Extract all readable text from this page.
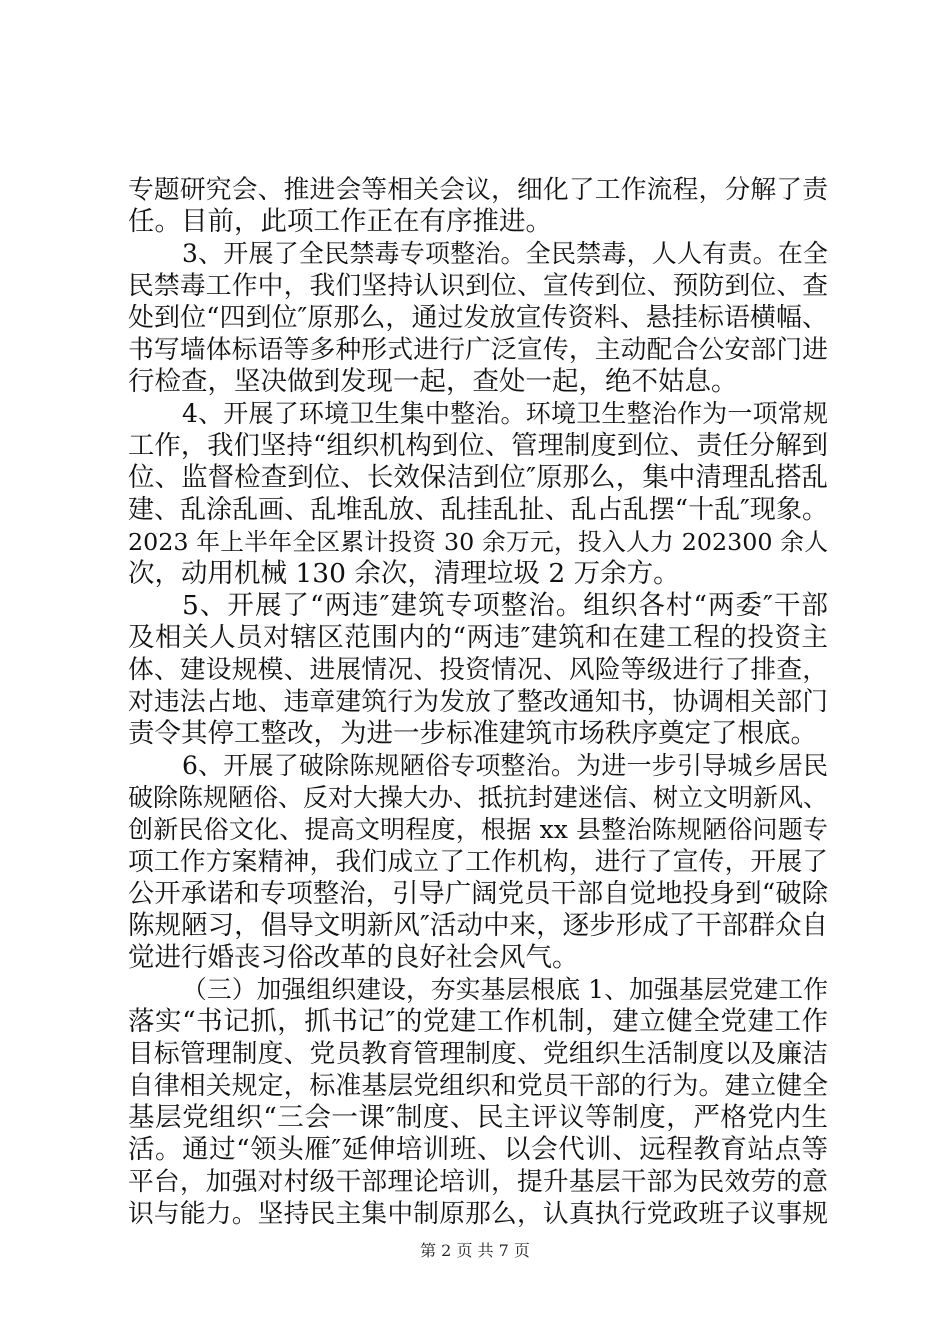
专题研究会、推进会等相关会议，细化了工作流程，分解了责
任。目前，此项工作正在有序推进。
3、开展了全民禁毒专项整治。全民禁毒，人人有责。在全
民禁毒工作中，我们坚持认识到位、宣传到位、预防到位、查
处到位“四到位″原那么，通过发放宣传资料、悬挂标语横幅、
书写墙体标语等多种形式进行广泛宣传，主动配合公安部门进
行检查，坚决做到发现一起，查处一起，绝不姑息。
4、开展了环境卫生集中整治。环境卫生整治作为一项常规
工作，我们坚持“组织机构到位、管理制度到位、责任分解到
位、监督检查到位、长效保洁到位″原那么，集中清理乱搭乱
建、乱涂乱画、乱堆乱放、乱挂乱扯、乱占乱摆“十乱″现象。
2023 年上半年全区累计投资 30 余万元，投入人力 202300 余人
次，动用机械 130 余次，清理垃圾 2 万余方。
5、开展了“两违″建筑专项整治。组织各村“两委″干部
及相关人员对辖区范围内的“两违″建筑和在建工程的投资主
体、建设规模、进展情况、投资情况、风险等级进行了排查，
对违法占地、违章建筑行为发放了整改通知书，协调相关部门
责令其停工整改，为进一步标准建筑市场秩序奠定了根底。
6、开展了破除陈规陋俗专项整治。为进一步引导城乡居民
破除陈规陋俗、反对大操大办、抵抗封建迷信、树立文明新风、
创新民俗文化、提高文明程度，根据 xx 县整治陈规陋俗问题专
项工作方案精神，我们成立了工作机构，进行了宣传，开展了
公开承诺和专项整治，引导广阔党员干部自觉地投身到“破除
陈规陋习，倡导文明新风″活动中来，逐步形成了干部群众自
觉进行婚丧习俗改革的良好社会风气。
（三）加强组织建设，夯实基层根底 1、加强基层党建工作
落实“书记抓，抓书记″的党建工作机制，建立健全党建工作
目标管理制度、党员教育管理制度、党组织生活制度以及廉洁
自律相关规定，标准基层党组织和党员干部的行为。建立健全
基层党组织“三会一课″制度、民主评议等制度，严格党内生
活。通过“领头雁″延伸培训班、以会代训、远程教育站点等
平台，加强对村级干部理论培训，提升基层干部为民效劳的意
识与能力。坚持民主集中制原那么，认真执行党政班子议事规
第 2 页 共 7 页
